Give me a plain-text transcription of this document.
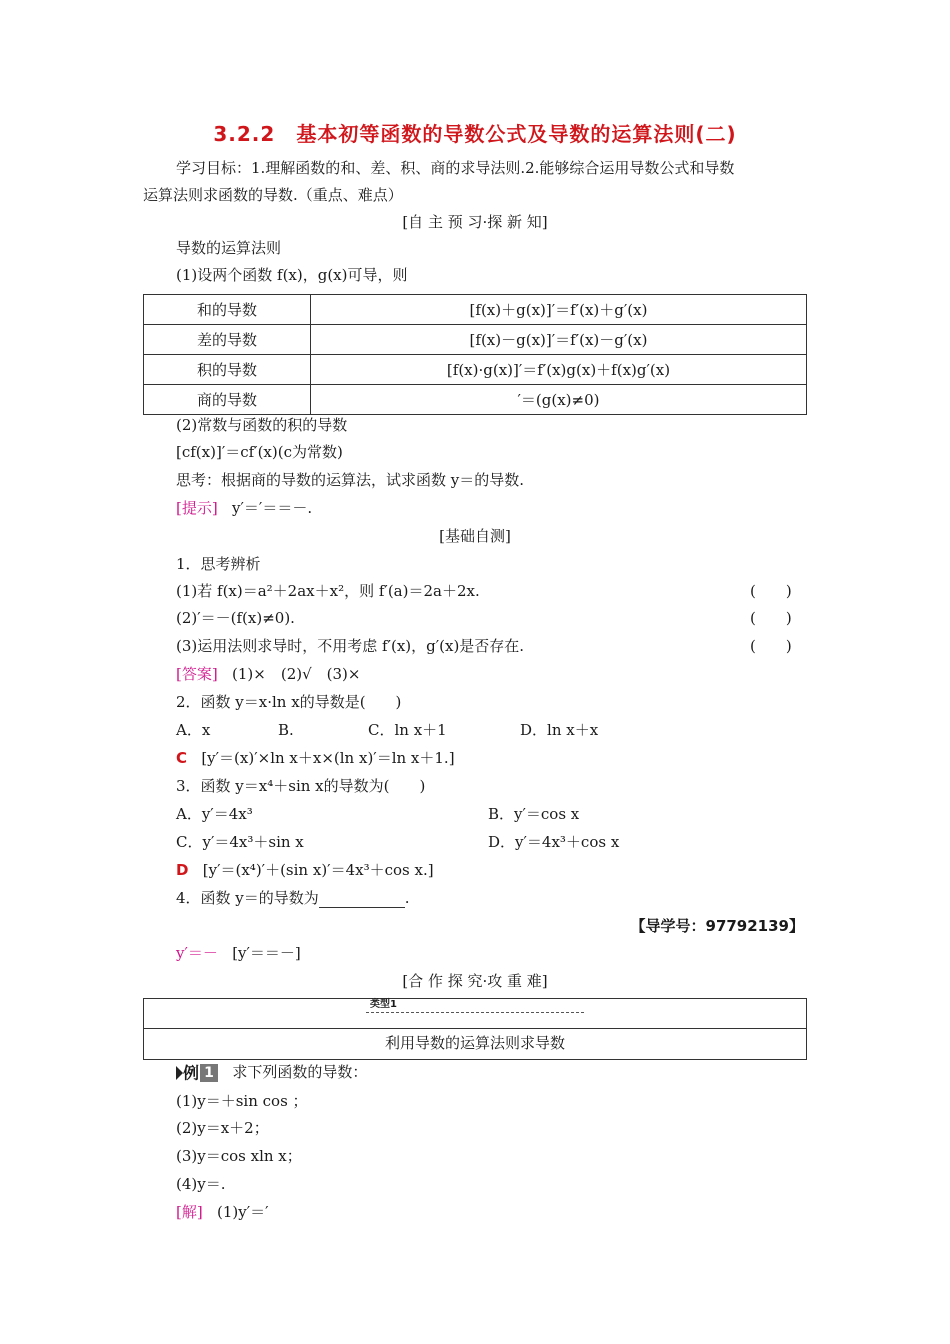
3.2.2　基本初等函数的导数公式及导数的运算法则(二)
学习目标：1.理解函数的和、差、积、商的求导法则.2.能够综合运用导数公式和导数
运算法则求函数的导数.（重点、难点）
[自 主 预 习·探 新 知]
导数的运算法则
(1)设两个函数 f(x)，g(x)可导，则
和的导数	[f(x)＋g(x)]′＝f′(x)＋g′(x)
差的导数	[f(x)－g(x)]′＝f′(x)－g′(x)
积的导数	[f(x)·g(x)]′＝f′(x)g(x)＋f(x)g′(x)
商的导数	′＝(g(x)≠0)
(2)常数与函数的积的导数
[cf(x)]′＝cf′(x)(c为常数)
思考：根据商的导数的运算法，试求函数 y＝的导数.
[提示] y′＝′＝＝－.
[基础自测]
1．思考辨析
(1)若 f(x)＝a²＋2ax＋x²，则 f′(a)＝2a＋2x.	(　　)
(2)′＝－(f(x)≠0).	(　　)
(3)运用法则求导时，不用考虑 f′(x)，g′(x)是否存在.	(　　)
[答案] (1)×　(2)√　(3)×
2．函数 y＝x·ln x的导数是(　　)
A．x	B.	C．ln x＋1	D．ln x＋x
C [y′＝(x)′×ln x＋x×(ln x)′＝ln x＋1.]
3．函数 y＝x⁴＋sin x的导数为(　　)
A．y′＝4x³	B．y′＝cos x
C．y′＝4x³＋sin x	D．y′＝4x³＋cos x
D [y′＝(x⁴)′＋(sin x)′＝4x³＋cos x.]
4．函数 y＝的导数为	.
【导学号：97792139】
y′＝－ [y′＝＝－]
[合 作 探 究·攻 重 难]
类型1
利用导数的运算法则求导数
例 1 求下列函数的导数：
(1)y＝＋sin cos ；
(2)y＝x＋2；
(3)y＝cos xln x；
(4)y＝.
[解] (1)y′＝′
